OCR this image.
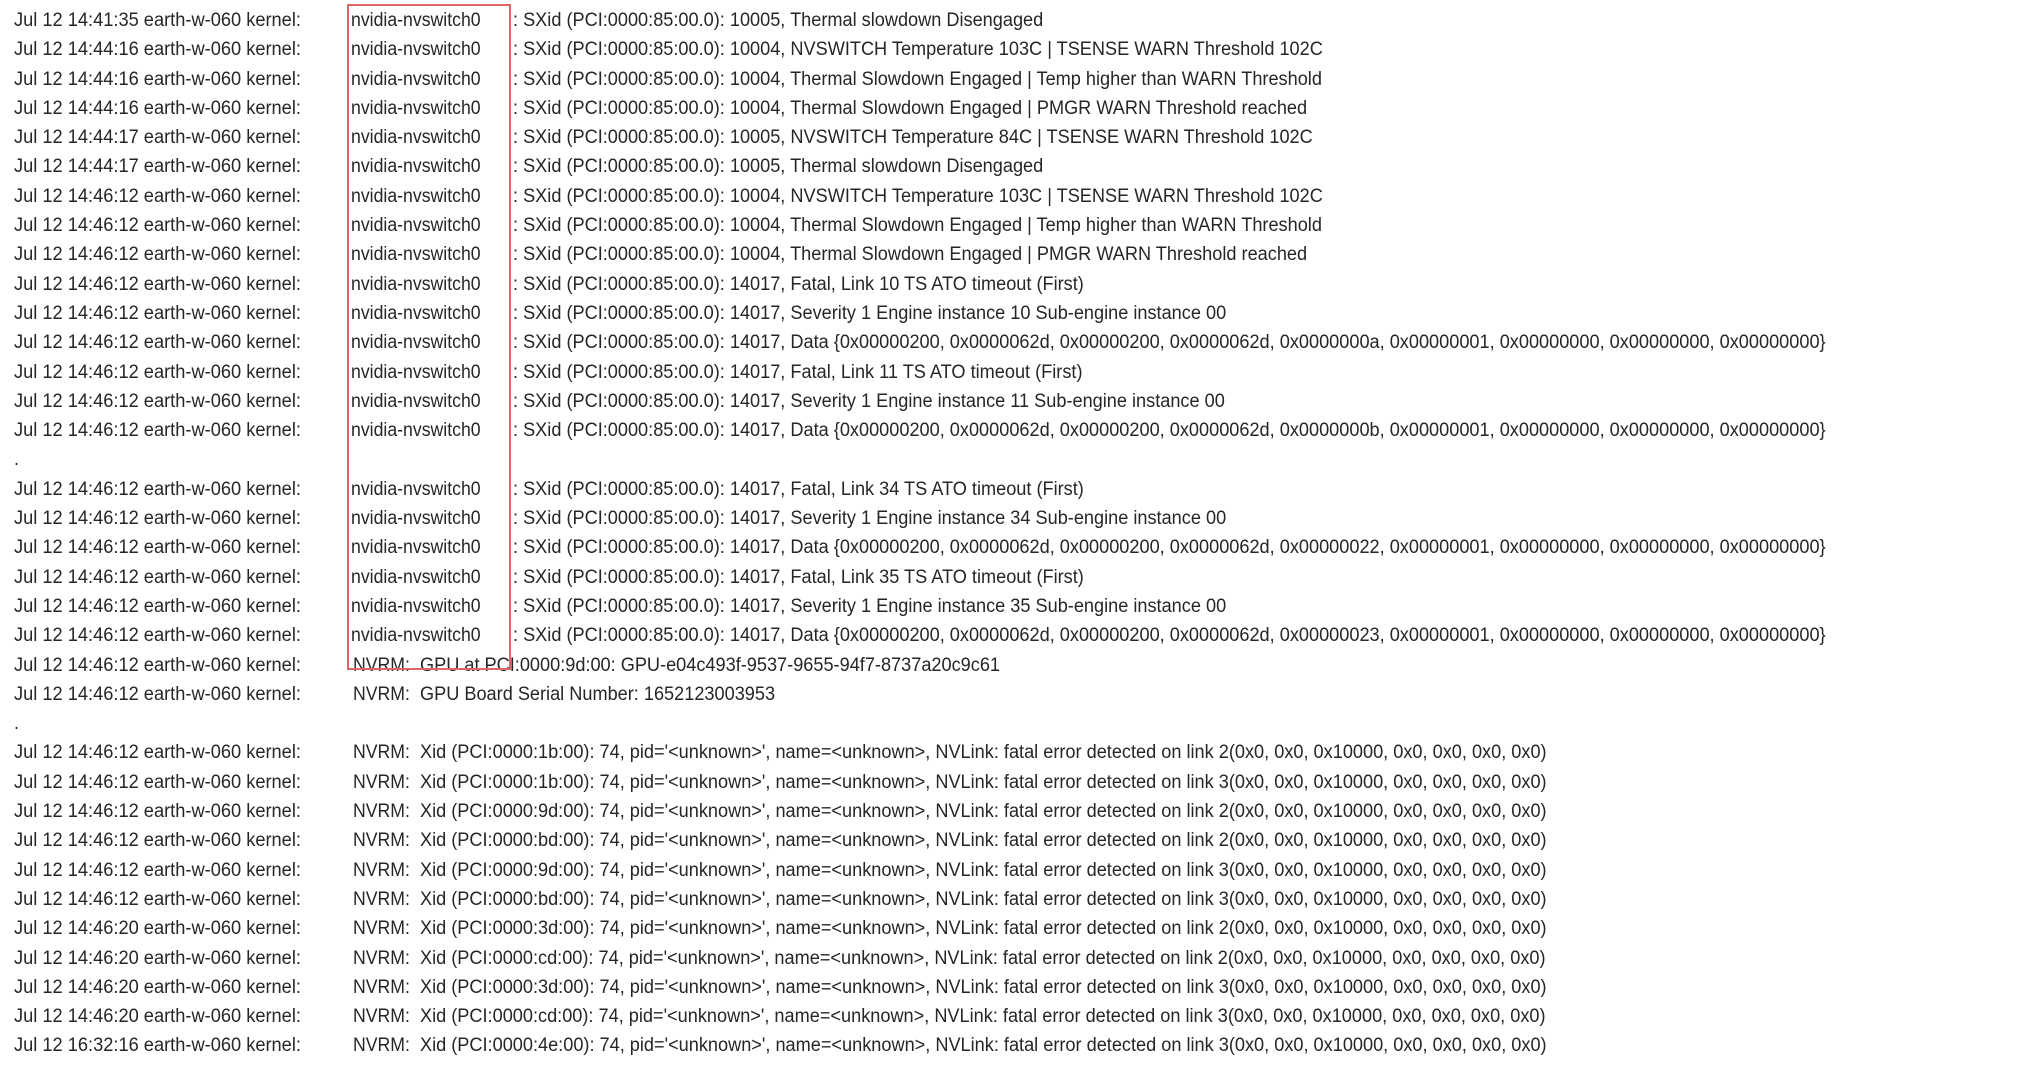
Jul 12 14:41:35 earth-w-060 kernel:	nvidia-nvswitch0	: SXid (PCI:0000:85:00.0): 10005, Thermal slowdown Disengaged
Jul 12 14:44:16 earth-w-060 kernel:	nvidia-nvswitch0	: SXid (PCI:0000:85:00.0): 10004, NVSWITCH Temperature 103C | TSENSE WARN Threshold 102C
Jul 12 14:44:16 earth-w-060 kernel:	nvidia-nvswitch0	: SXid (PCI:0000:85:00.0): 10004, Thermal Slowdown Engaged | Temp higher than WARN Threshold
Jul 12 14:44:16 earth-w-060 kernel:	nvidia-nvswitch0	: SXid (PCI:0000:85:00.0): 10004, Thermal Slowdown Engaged | PMGR WARN Threshold reached
Jul 12 14:44:17 earth-w-060 kernel:	nvidia-nvswitch0	: SXid (PCI:0000:85:00.0): 10005, NVSWITCH Temperature 84C | TSENSE WARN Threshold 102C
Jul 12 14:44:17 earth-w-060 kernel:	nvidia-nvswitch0	: SXid (PCI:0000:85:00.0): 10005, Thermal slowdown Disengaged
Jul 12 14:46:12 earth-w-060 kernel:	nvidia-nvswitch0	: SXid (PCI:0000:85:00.0): 10004, NVSWITCH Temperature 103C | TSENSE WARN Threshold 102C
Jul 12 14:46:12 earth-w-060 kernel:	nvidia-nvswitch0	: SXid (PCI:0000:85:00.0): 10004, Thermal Slowdown Engaged | Temp higher than WARN Threshold
Jul 12 14:46:12 earth-w-060 kernel:	nvidia-nvswitch0	: SXid (PCI:0000:85:00.0): 10004, Thermal Slowdown Engaged | PMGR WARN Threshold reached
Jul 12 14:46:12 earth-w-060 kernel:	nvidia-nvswitch0	: SXid (PCI:0000:85:00.0): 14017, Fatal, Link 10 TS ATO timeout (First)
Jul 12 14:46:12 earth-w-060 kernel:	nvidia-nvswitch0	: SXid (PCI:0000:85:00.0): 14017, Severity 1 Engine instance 10 Sub-engine instance 00
Jul 12 14:46:12 earth-w-060 kernel:	nvidia-nvswitch0	: SXid (PCI:0000:85:00.0): 14017, Data {0x00000200, 0x0000062d, 0x00000200, 0x0000062d, 0x0000000a, 0x00000001, 0x00000000, 0x00000000, 0x00000000}
Jul 12 14:46:12 earth-w-060 kernel:	nvidia-nvswitch0	: SXid (PCI:0000:85:00.0): 14017, Fatal, Link 11 TS ATO timeout (First)
Jul 12 14:46:12 earth-w-060 kernel:	nvidia-nvswitch0	: SXid (PCI:0000:85:00.0): 14017, Severity 1 Engine instance 11 Sub-engine instance 00
Jul 12 14:46:12 earth-w-060 kernel:	nvidia-nvswitch0	: SXid (PCI:0000:85:00.0): 14017, Data {0x00000200, 0x0000062d, 0x00000200, 0x0000062d, 0x0000000b, 0x00000001, 0x00000000, 0x00000000, 0x00000000}
.
Jul 12 14:46:12 earth-w-060 kernel:	nvidia-nvswitch0	: SXid (PCI:0000:85:00.0): 14017, Fatal, Link 34 TS ATO timeout (First)
Jul 12 14:46:12 earth-w-060 kernel:	nvidia-nvswitch0	: SXid (PCI:0000:85:00.0): 14017, Severity 1 Engine instance 34 Sub-engine instance 00
Jul 12 14:46:12 earth-w-060 kernel:	nvidia-nvswitch0	: SXid (PCI:0000:85:00.0): 14017, Data {0x00000200, 0x0000062d, 0x00000200, 0x0000062d, 0x00000022, 0x00000001, 0x00000000, 0x00000000, 0x00000000}
Jul 12 14:46:12 earth-w-060 kernel:	nvidia-nvswitch0	: SXid (PCI:0000:85:00.0): 14017, Fatal, Link 35 TS ATO timeout (First)
Jul 12 14:46:12 earth-w-060 kernel:	nvidia-nvswitch0	: SXid (PCI:0000:85:00.0): 14017, Severity 1 Engine instance 35 Sub-engine instance 00
Jul 12 14:46:12 earth-w-060 kernel:	nvidia-nvswitch0	: SXid (PCI:0000:85:00.0): 14017, Data {0x00000200, 0x0000062d, 0x00000200, 0x0000062d, 0x00000023, 0x00000001, 0x00000000, 0x00000000, 0x00000000}
Jul 12 14:46:12 earth-w-060 kernel:	NVRM: GPU at PCI:0000:9d:00: GPU-e04c493f-9537-9655-94f7-8737a20c9c61
Jul 12 14:46:12 earth-w-060 kernel:	NVRM: GPU Board Serial Number: 1652123003953
.
Jul 12 14:46:12 earth-w-060 kernel:	NVRM: Xid (PCI:0000:1b:00): 74, pid='<unknown>', name=<unknown>, NVLink: fatal error detected on link 2(0x0, 0x0, 0x10000, 0x0, 0x0, 0x0, 0x0)
Jul 12 14:46:12 earth-w-060 kernel:	NVRM: Xid (PCI:0000:1b:00): 74, pid='<unknown>', name=<unknown>, NVLink: fatal error detected on link 3(0x0, 0x0, 0x10000, 0x0, 0x0, 0x0, 0x0)
Jul 12 14:46:12 earth-w-060 kernel:	NVRM: Xid (PCI:0000:9d:00): 74, pid='<unknown>', name=<unknown>, NVLink: fatal error detected on link 2(0x0, 0x0, 0x10000, 0x0, 0x0, 0x0, 0x0)
Jul 12 14:46:12 earth-w-060 kernel:	NVRM: Xid (PCI:0000:bd:00): 74, pid='<unknown>', name=<unknown>, NVLink: fatal error detected on link 2(0x0, 0x0, 0x10000, 0x0, 0x0, 0x0, 0x0)
Jul 12 14:46:12 earth-w-060 kernel:	NVRM: Xid (PCI:0000:9d:00): 74, pid='<unknown>', name=<unknown>, NVLink: fatal error detected on link 3(0x0, 0x0, 0x10000, 0x0, 0x0, 0x0, 0x0)
Jul 12 14:46:12 earth-w-060 kernel:	NVRM: Xid (PCI:0000:bd:00): 74, pid='<unknown>', name=<unknown>, NVLink: fatal error detected on link 3(0x0, 0x0, 0x10000, 0x0, 0x0, 0x0, 0x0)
Jul 12 14:46:20 earth-w-060 kernel:	NVRM: Xid (PCI:0000:3d:00): 74, pid='<unknown>', name=<unknown>, NVLink: fatal error detected on link 2(0x0, 0x0, 0x10000, 0x0, 0x0, 0x0, 0x0)
Jul 12 14:46:20 earth-w-060 kernel:	NVRM: Xid (PCI:0000:cd:00): 74, pid='<unknown>', name=<unknown>, NVLink: fatal error detected on link 2(0x0, 0x0, 0x10000, 0x0, 0x0, 0x0, 0x0)
Jul 12 14:46:20 earth-w-060 kernel:	NVRM: Xid (PCI:0000:3d:00): 74, pid='<unknown>', name=<unknown>, NVLink: fatal error detected on link 3(0x0, 0x0, 0x10000, 0x0, 0x0, 0x0, 0x0)
Jul 12 14:46:20 earth-w-060 kernel:	NVRM: Xid (PCI:0000:cd:00): 74, pid='<unknown>', name=<unknown>, NVLink: fatal error detected on link 3(0x0, 0x0, 0x10000, 0x0, 0x0, 0x0, 0x0)
Jul 12 16:32:16 earth-w-060 kernel:	NVRM: Xid (PCI:0000:4e:00): 74, pid='<unknown>', name=<unknown>, NVLink: fatal error detected on link 3(0x0, 0x0, 0x10000, 0x0, 0x0, 0x0, 0x0)
